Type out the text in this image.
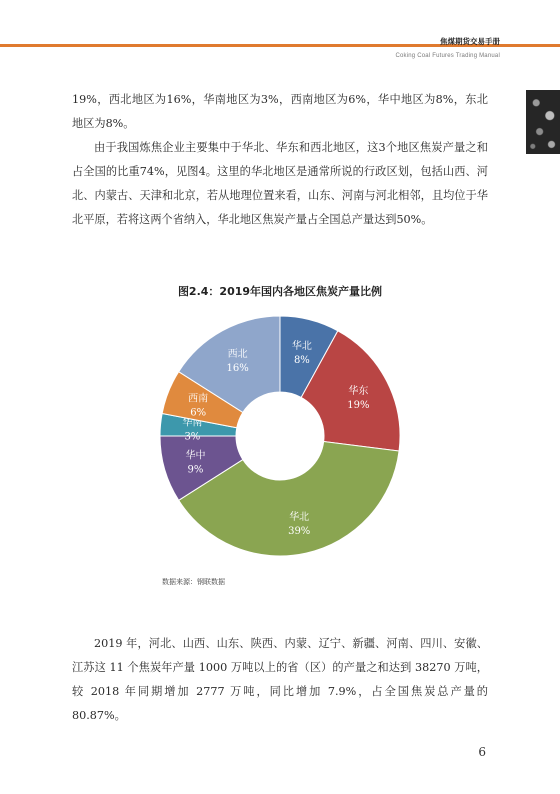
焦煤期货交易手册
Coking Coal Futures Trading Manual

19%，西北地区为16%，华南地区为3%，西南地区为6%，华中地区为8%，东北地区为8%。

由于我国炼焦企业主要集中于华北、华东和西北地区，这3个地区焦炭产量之和占全国的比重74%，见图4。这里的华北地区是通常所说的行政区划，包括山西、河北、内蒙古、天津和北京，若从地理位置来看，山东、河南与河北相邻，且均位于华北平原，若将这两个省纳入，华北地区焦炭产量占全国总产量达到50%。

图2.4：2019年国内各地区焦炭产量比例
华北
8%
华东
19%
华北
39%
华中
9%
华南
3%
西南
6%
西北
16%
数据来源：钢联数据

2019 年，河北、山西、山东、陕西、内蒙、辽宁、新疆、河南、四川、安徽、江苏这 11 个焦炭年产量 1000 万吨以上的省（区）的产量之和达到 38270 万吨，较 2018 年同期增加 2777 万吨，同比增加 7.9%，占全国焦炭总产量的 80.87%。

6
